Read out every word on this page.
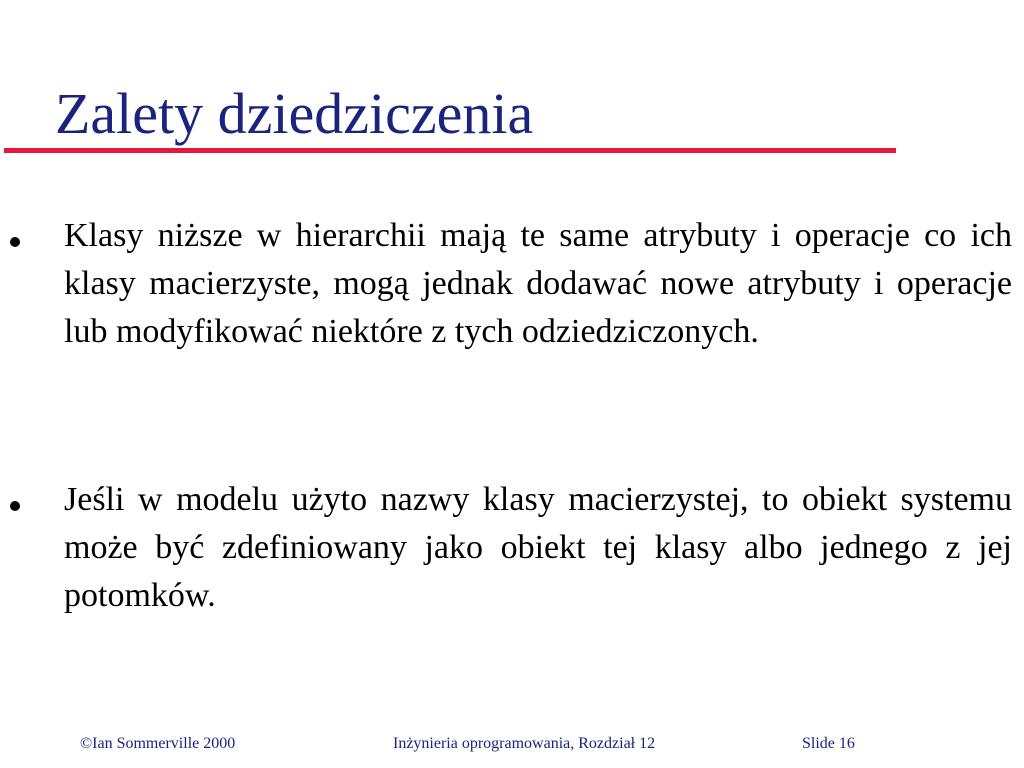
Zalety dziedziczenia
Klasy niższe w hierarchii mają te same atrybuty i operacje co ich klasy macierzyste, mogą jednak dodawać nowe atrybuty i operacje lub modyfikować niektóre z tych odziedziczonych.
Jeśli w modelu użyto nazwy klasy macierzystej, to obiekt systemu może być zdefiniowany jako obiekt tej klasy albo jednego z jej potomków.
©Ian Sommerville 2000	Inżynieria oprogramowania, Rozdział 12	Slide 16
